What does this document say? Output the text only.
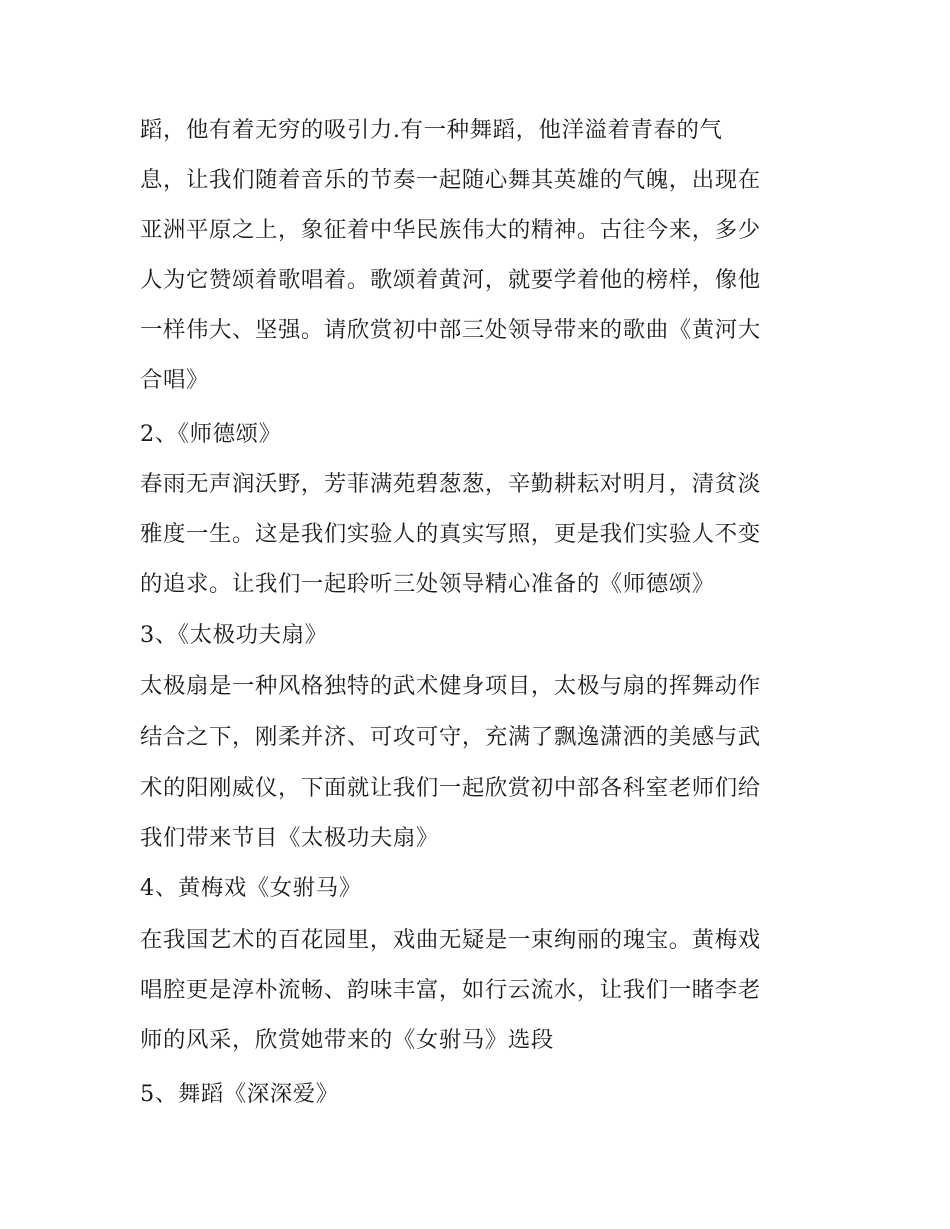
蹈，他有着无穷的吸引力.有一种舞蹈，他洋溢着青春的气
息，让我们随着音乐的节奏一起随心舞其英雄的气魄，出现在
亚洲平原之上，象征着中华民族伟大的精神。古往今来，多少
人为它赞颂着歌唱着。歌颂着黄河，就要学着他的榜样，像他
一样伟大、坚强。请欣赏初中部三处领导带来的歌曲《黄河大
合唱》
2、《师德颂》
春雨无声润沃野，芳菲满苑碧葱葱，辛勤耕耘对明月，清贫淡
雅度一生。这是我们实验人的真实写照，更是我们实验人不变
的追求。让我们一起聆听三处领导精心准备的《师德颂》
3、《太极功夫扇》
太极扇是一种风格独特的武术健身项目，太极与扇的挥舞动作
结合之下，刚柔并济、可攻可守，充满了飘逸潇洒的美感与武
术的阳刚威仪，下面就让我们一起欣赏初中部各科室老师们给
我们带来节目《太极功夫扇》
4、黄梅戏《女驸马》
在我国艺术的百花园里，戏曲无疑是一束绚丽的瑰宝。黄梅戏
唱腔更是淳朴流畅、韵味丰富，如行云流水，让我们一睹李老
师的风采，欣赏她带来的《女驸马》选段
5、舞蹈《深深爱》
